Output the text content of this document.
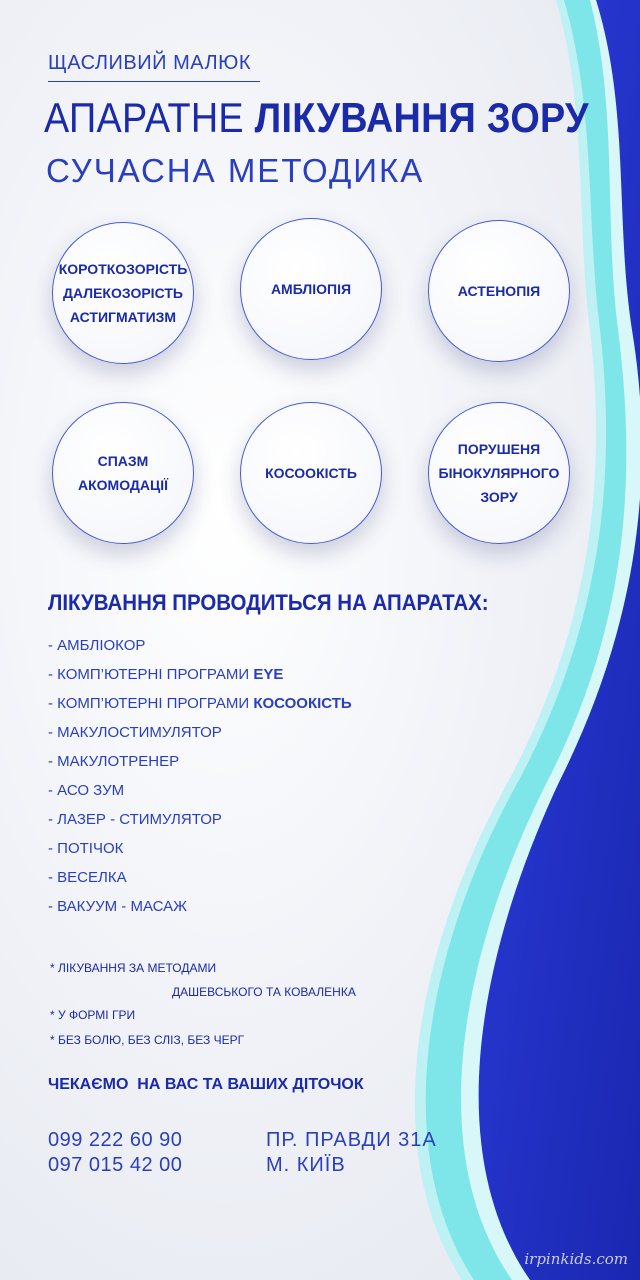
ЩАСЛИВИЙ МАЛЮК
АПАРАТНЕ ЛІКУВАННЯ ЗОРУ
СУЧАСНА МЕТОДИКА
КОРОТКОЗОРІСТЬ
ДАЛЕКОЗОРІСТЬ
АСТИГМАТИЗМ
АМБЛІОПІЯ	АСТЕНОПІЯ
СПАЗМ
АКОМОДАЦІЇ
КОСООКІСТЬ
ПОРУШЕНЯ
БІНОКУЛЯРНОГО
ЗОРУ
ЛІКУВАННЯ ПРОВОДИТЬСЯ НА АПАРАТАХ:
- АМБЛІОКОР
- КОМП’ЮТЕРНІ ПРОГРАМИ EYE
- КОМП’ЮТЕРНІ ПРОГРАМИ КОСООКІСТЬ
- МАКУЛОСТИМУЛЯТОР
- МАКУЛОТРЕНЕР
- АСО ЗУМ
- ЛАЗЕР - СТИМУЛЯТОР
- ПОТІЧОК
- ВЕСЕЛКА
- ВАКУУМ - МАСАЖ
* ЛІКУВАННЯ ЗА МЕТОДАМИ
ДАШЕВСЬКОГО ТА КОВАЛЕНКА
* У ФОРМІ ГРИ
* БЕЗ БОЛЮ, БЕЗ СЛІЗ, БЕЗ ЧЕРГ
ЧЕКАЄМО  НА ВАС ТА ВАШИХ ДІТОЧОК
099 222 60 90
097 015 42 00
ПР. ПРАВДИ 31А
М. КИЇВ
irpinkids.com
